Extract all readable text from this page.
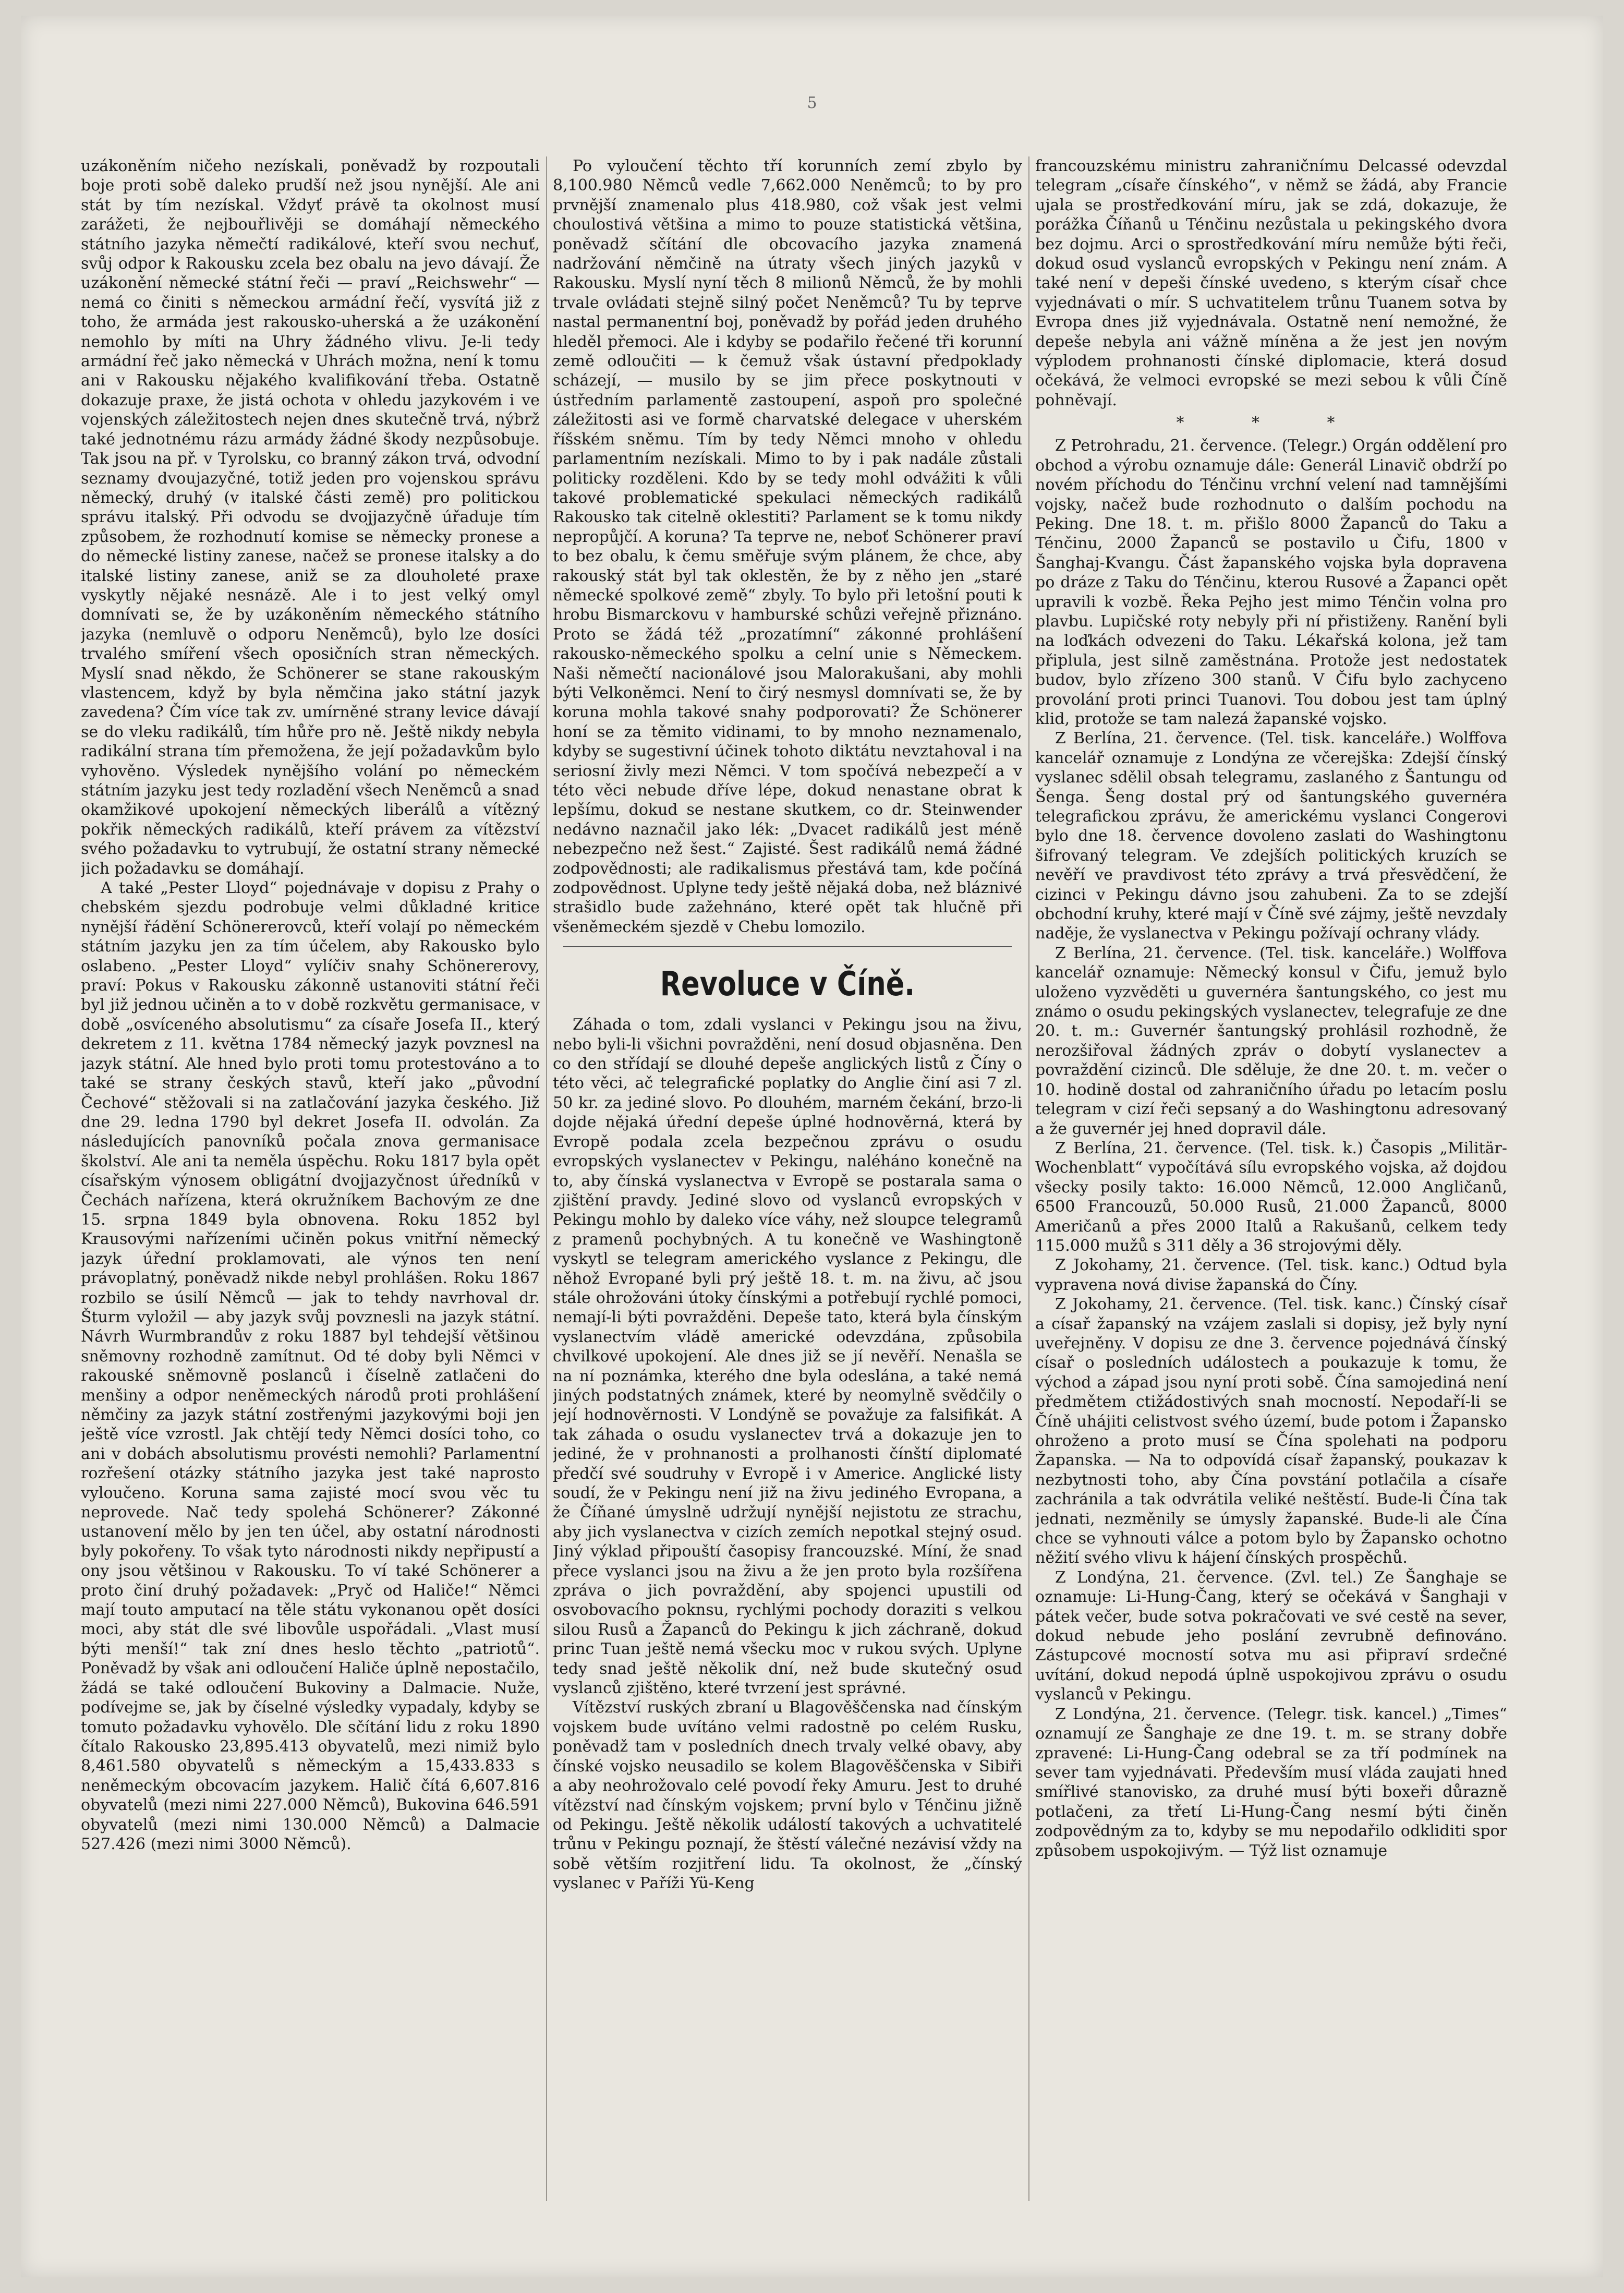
5

uzákoněním ničeho nezískali, poněvadž by rozpoutali boje proti sobě daleko prudší než jsou nynější. Ale ani stát by tím nezískal. Vždyť právě ta okolnost musí zarážeti, že nejbouřlivěji se domáhají německého státního jazyka němečtí radikálové, kteří svou nechuť, svůj odpor k Rakousku zcela bez obalu na jevo dávají. Že uzákonění německé státní řeči — praví „Reichswehr“ — nemá co činiti s německou armádní řečí, vysvítá již z toho, že armáda jest rakousko-uherská a že uzákonění nemohlo by míti na Uhry žádného vlivu. Je-li tedy armádní řeč jako německá v Uhrách možna, není k tomu ani v Rakousku nějakého kvalifikování třeba. Ostatně dokazuje praxe, že jistá ochota v ohledu jazykovém i ve vojenských záležitostech nejen dnes skutečně trvá, nýbrž také jednotnému rázu armády žádné škody nezpůsobuje. Tak jsou na př. v Tyrolsku, co branný zákon trvá, odvodní seznamy dvoujazyčné, totiž jeden pro vojenskou správu německý, druhý (v italské části země) pro politickou správu italský. Při odvodu se dvojjazyčně úřaduje tím způsobem, že rozhodnutí komise se německy pronese a do německé listiny zanese, načež se pronese italsky a do italské listiny zanese, aniž se za dlouholeté praxe vyskytly nějaké nesnázě. Ale i to jest velký omyl domnívati se, že by uzákoněním německého státního jazyka (nemluvě o odporu Neněmců), bylo lze dosíci trvalého smíření všech oposičních stran německých. Myslí snad někdo, že Schönerer se stane rakouským vlastencem, když by byla němčina jako státní jazyk zavedena? Čím více tak zv. umírněné strany levice dávají se do vleku radikálů, tím hůře pro ně. Ještě nikdy nebyla radikální strana tím přemožena, že její požadavkům bylo vyhověno. Výsledek nynějšího volání po německém státním jazyku jest tedy rozladění všech Neněmců a snad okamžikové upokojení německých liberálů a vítězný pokřik německých radikálů, kteří právem za vítězství svého požadavku to vytrubují, že ostatní strany německé jich požadavku se domáhají.

A také „Pester Lloyd“ pojednávaje v dopisu z Prahy o chebském sjezdu podrobuje velmi důkladné kritice nynější řádění Schönererovců, kteří volají po německém státním jazyku jen za tím účelem, aby Rakousko bylo oslabeno. „Pester Lloyd“ vylíčiv snahy Schönererovy, praví: Pokus v Rakousku zákonně ustanoviti státní řeči byl již jednou učiněn a to v době rozkvětu germanisace, v době „osvíceného absolutismu“ za císaře Josefa II., který dekretem z 11. května 1784 německý jazyk povznesl na jazyk státní. Ale hned bylo proti tomu protestováno a to také se strany českých stavů, kteří jako „původní Čechové“ stěžovali si na zatlačování jazyka českého. Již dne 29. ledna 1790 byl dekret Josefa II. odvolán. Za následujících panovníků počala znova germanisace školství. Ale ani ta neměla úspěchu. Roku 1817 byla opět císařským výnosem obligátní dvojjazyčnost úředníků v Čechách nařízena, která okružníkem Bachovým ze dne 15. srpna 1849 byla obnovena. Roku 1852 byl Krausovými nařízeními učiněn pokus vnitřní německý jazyk úřední proklamovati, ale výnos ten není právoplatný, poněvadž nikde nebyl prohlášen. Roku 1867 rozbilo se úsilí Němců — jak to tehdy navrhoval dr. Šturm vyložil — aby jazyk svůj povznesli na jazyk státní. Návrh Wurmbrandův z roku 1887 byl tehdejší většinou sněmovny rozhodně zamítnut. Od té doby byli Němci v rakouské sněmovně poslanců i číselně zatlačeni do menšiny a odpor neněmeckých národů proti prohlášení němčiny za jazyk státní zostřenými jazykovými boji jen ještě více vzrostl. Jak chtějí tedy Němci dosíci toho, co ani v dobách absolutismu provésti nemohli? Parlamentní rozřešení otázky státního jazyka jest také naprosto vyloučeno. Koruna sama zajisté mocí svou věc tu neprovede. Nač tedy spolehá Schönerer? Zákonné ustanovení mělo by jen ten účel, aby ostatní národnosti byly pokořeny. To však tyto národnosti nikdy nepřipustí a ony jsou většinou v Rakousku. To ví také Schönerer a proto činí druhý požadavek: „Pryč od Haliče!“ Němci mají touto amputací na těle státu vykonanou opět dosíci moci, aby stát dle své libovůle uspořádali. „Vlast musí býti menší!“ tak zní dnes heslo těchto „patriotů“. Poněvadž by však ani odloučení Haliče úplně nepostačilo, žádá se také odloučení Bukoviny a Dalmacie. Nuže, podívejme se, jak by číselné výsledky vypadaly, kdyby se tomuto požadavku vyhovělo. Dle sčítání lidu z roku 1890 čítalo Rakousko 23,895.413 obyvatelů, mezi nimiž bylo 8,461.580 obyvatelů s německým a 15,433.833 s neněmeckým obcovacím jazykem. Halič čítá 6,607.816 obyvatelů (mezi nimi 227.000 Němců), Bukovina 646.591 obyvatelů (mezi nimi 130.000 Němců) a Dalmacie 527.426 (mezi nimi 3000 Němců).

Po vyloučení těchto tří korunních zemí zbylo by 8,100.980 Němců vedle 7,662.000 Neněmců; to by pro prvnější znamenalo plus 418.980, což však jest velmi choulostivá většina a mimo to pouze statistická většina, poněvadž sčítání dle obcovacího jazyka znamená nadržování němčině na útraty všech jiných jazyků v Rakousku. Myslí nyní těch 8 milionů Němců, že by mohli trvale ovládati stejně silný počet Neněmců? Tu by teprve nastal permanentní boj, poněvadž by pořád jeden druhého hleděl přemoci. Ale i kdyby se podařilo řečené tři korunní země odloučiti — k čemuž však ústavní předpoklady scházejí, — musilo by se jim přece poskytnouti v ústředním parlamentě zastoupení, aspoň pro společné záležitosti asi ve formě charvatské delegace v uherském říšském sněmu. Tím by tedy Němci mnoho v ohledu parlamentním nezískali. Mimo to by i pak nadále zůstali politicky rozděleni. Kdo by se tedy mohl odvážiti k vůli takové problematické spekulaci německých radikálů Rakousko tak citelně oklestiti? Parlament se k tomu nikdy nepropůjčí. A koruna? Ta teprve ne, neboť Schönerer praví to bez obalu, k čemu směřuje svým plánem, že chce, aby rakouský stát byl tak oklestěn, že by z něho jen „staré německé spolkové země“ zbyly. To bylo při letošní pouti k hrobu Bismarckovu v hamburské schůzi veřejně přiznáno. Proto se žádá též „prozatímní“ zákonné prohlášení rakousko-německého spolku a celní unie s Německem. Naši němečtí nacionálové jsou Malorakušani, aby mohli býti Velkoněmci. Není to čirý nesmysl domnívati se, že by koruna mohla takové snahy podporovati? Že Schönerer honí se za těmito vidinami, to by mnoho neznamenalo, kdyby se sugestivní účinek tohoto diktátu nevztahoval i na seriosní živly mezi Němci. V tom spočívá nebezpečí a v této věci nebude dříve lépe, dokud nenastane obrat k lepšímu, dokud se nestane skutkem, co dr. Steinwender nedávno naznačil jako lék: „Dvacet radikálů jest méně nebezpečno než šest.“ Zajisté. Šest radikálů nemá žádné zodpovědnosti; ale radikalismus přestává tam, kde počíná zodpovědnost. Uplyne tedy ještě nějaká doba, než bláznivé strašidlo bude zažehnáno, které opět tak hlučně při všeněmeckém sjezdě v Chebu lomozilo.

Revoluce v Číně.

Záhada o tom, zdali vyslanci v Pekingu jsou na živu, nebo byli-li všichni povražděni, není dosud objasněna. Den co den střídají se dlouhé depeše anglických listů z Číny o této věci, ač telegrafické poplatky do Anglie činí asi 7 zl. 50 kr. za jediné slovo. Po dlouhém, marném čekání, brzo-li dojde nějaká úřední depeše úplné hodnověrná, která by Evropě podala zcela bezpečnou zprávu o osudu evropských vyslanectev v Pekingu, naléháno konečně na to, aby čínská vyslanectva v Evropě se postarala sama o zjištění pravdy. Jediné slovo od vyslanců evropských v Pekingu mohlo by daleko více váhy, než sloupce telegramů z pramenů pochybných. A tu konečně ve Washingtoně vyskytl se telegram amerického vyslance z Pekingu, dle něhož Evropané byli prý ještě 18. t. m. na živu, ač jsou stále ohrožováni útoky čínskými a potřebují rychlé pomoci, nemají-li býti povražděni. Depeše tato, která byla čínským vyslanectvím vládě americké odevzdána, způsobila chvilkové upokojení. Ale dnes již se jí nevěří. Nenašla se na ní poznámka, kterého dne byla odeslána, a také nemá jiných podstatných známek, které by neomylně svědčily o její hodnověrnosti. V Londýně se považuje za falsifikát. A tak záhada o osudu vyslanectev trvá a dokazuje jen to jediné, že v prohnanosti a prolhanosti čínští diplomaté předčí své soudruhy v Evropě i v Americe. Anglické listy soudí, že v Pekingu není již na živu jediného Evropana, a že Číňané úmyslně udržují nynější nejistotu ze strachu, aby jich vyslanectva v cizích zemích nepotkal stejný osud. Jiný výklad připouští časopisy francouzské. Míní, že snad přece vyslanci jsou na živu a že jen proto byla rozšířena zpráva o jich povraždění, aby spojenci upustili od osvobovacího poknsu, rychlými pochody doraziti s velkou silou Rusů a Žapanců do Pekingu k jich záchraně, dokud princ Tuan ještě nemá všecku moc v rukou svých. Uplyne tedy snad ještě několik dní, než bude skutečný osud vyslanců zjištěno, které tvrzení jest správné.

Vítězství ruských zbraní u Blagověščenska nad čínským vojskem bude uvítáno velmi radostně po celém Rusku, poněvadž tam v posledních dnech trvaly velké obavy, aby čínské vojsko neusadilo se kolem Blagověščenska v Sibiři a aby neohrožovalo celé povodí řeky Amuru. Jest to druhé vítězství nad čínským vojskem; první bylo v Ténčinu jižně od Pekingu. Ještě několik událostí takových a uchvatitelé trůnu v Pekingu poznají, že štěstí válečné nezávisí vždy na sobě větším rozjitření lidu. Ta okolnost, že „čínský vyslanec v Paříži Yü-Keng

francouzskému ministru zahraničnímu Delcassé odevzdal telegram „císaře čínského“, v němž se žádá, aby Francie ujala se prostředkování míru, jak se zdá, dokazuje, že porážka Číňanů u Ténčinu nezůstala u pekingského dvora bez dojmu. Arci o sprostředkování míru nemůže býti řeči, dokud osud vyslanců evropských v Pekingu není znám. A také není v depeši čínské uvedeno, s kterým císař chce vyjednávati o mír. S uchvatitelem trůnu Tuanem sotva by Evropa dnes již vyjednávala. Ostatně není nemožné, že depeše nebyla ani vážně míněna a že jest jen novým výplodem prohnanosti čínské diplomacie, která dosud očekává, že velmoci evropské se mezi sebou k vůli Číně pohněvají.

* * *

Z Petrohradu, 21. července. (Telegr.) Orgán oddělení pro obchod a výrobu oznamuje dále: Generál Linavič obdrží po novém příchodu do Ténčinu vrchní velení nad tamnějšími vojsky, načež bude rozhodnuto o dalším pochodu na Peking. Dne 18. t. m. přišlo 8000 Žapanců do Taku a Ténčinu, 2000 Žapanců se postavilo u Čifu, 1800 v Šanghaj-Kvangu. Část žapanského vojska byla dopravena po dráze z Taku do Ténčinu, kterou Rusové a Žapanci opět upravili k vozbě. Řeka Pejho jest mimo Ténčin volna pro plavbu. Lupičské roty nebyly při ní přistiženy. Ranění byli na loďkách odvezeni do Taku. Lékařská kolona, jež tam připlula, jest silně zaměstnána. Protože jest nedostatek budov, bylo zřízeno 300 stanů. V Čifu bylo zachyceno provolání proti princi Tuanovi. Tou dobou jest tam úplný klid, protože se tam nalezá žapanské vojsko.

Z Berlína, 21. července. (Tel. tisk. kanceláře.) Wolffova kancelář oznamuje z Londýna ze včerejška: Zdejší čínský vyslanec sdělil obsah telegramu, zaslaného z Šantungu od Šenga. Šeng dostal prý od šantungského guvernéra telegrafickou zprávu, že americkému vyslanci Congerovi bylo dne 18. července dovoleno zaslati do Washingtonu šifrovaný telegram. Ve zdejších politických kruzích se nevěří ve pravdivost této zprávy a trvá přesvědčení, že cizinci v Pekingu dávno jsou zahubeni. Za to se zdejší obchodní kruhy, které mají v Číně své zájmy, ještě nevzdaly naděje, že vyslanectva v Pekingu požívají ochrany vlády.

Z Berlína, 21. července. (Tel. tisk. kanceláře.) Wolffova kancelář oznamuje: Německý konsul v Čifu, jemuž bylo uloženo vyzvěděti u guvernéra šantungského, co jest mu známo o osudu pekingských vyslanectev, telegrafuje ze dne 20. t. m.: Guvernér šantungský prohlásil rozhodně, že nerozšiřoval žádných zpráv o dobytí vyslanectev a povraždění cizinců. Dle sděluje, že dne 20. t. m. večer o 10. hodině dostal od zahraničního úřadu po letacím poslu telegram v cizí řeči sepsaný a do Washingtonu adresovaný a že guvernér jej hned dopravil dále.

Z Berlína, 21. července. (Tel. tisk. k.) Časopis „Militär-Wochenblatt“ vypočítává sílu evropského vojska, až dojdou všecky posily takto: 16.000 Němců, 12.000 Angličanů, 6500 Francouzů, 50.000 Rusů, 21.000 Žapanců, 8000 Američanů a přes 2000 Italů a Rakušanů, celkem tedy 115.000 mužů s 311 děly a 36 strojovými děly.

Z Jokohamy, 21. července. (Tel. tisk. kanc.) Odtud byla vypravena nová divise žapanská do Číny.

Z Jokohamy, 21. července. (Tel. tisk. kanc.) Čínský císař a císař žapanský na vzájem zaslali si dopisy, jež byly nyní uveřejněny. V dopisu ze dne 3. července pojednává čínský císař o posledních událostech a poukazuje k tomu, že východ a západ jsou nyní proti sobě. Čína samojediná není předmětem ctižádostivých snah mocností. Nepodaří-li se Číně uhájiti celistvost svého území, bude potom i Žapansko ohroženo a proto musí se Čína spolehati na podporu Žapanska. — Na to odpovídá císař žapanský, poukazav k nezbytnosti toho, aby Čína povstání potlačila a císaře zachránila a tak odvrátila veliké neštěstí. Bude-li Čína tak jednati, nezměnily se úmysly žapanské. Bude-li ale Čína chce se vyhnouti válce a potom bylo by Žapansko ochotno něžití svého vlivu k hájení čínských prospěchů.

Z Londýna, 21. července. (Zvl. tel.) Ze Šanghaje se oznamuje: Li-Hung-Čang, který se očekává v Šanghaji v pátek večer, bude sotva pokračovati ve své cestě na sever, dokud nebude jeho poslání zevrubně definováno. Zástupcové mocností sotva mu asi připraví srdečné uvítání, dokud nepodá úplně uspokojivou zprávu o osudu vyslanců v Pekingu.

Z Londýna, 21. července. (Telegr. tisk. kancel.) „Times“ oznamují ze Šanghaje ze dne 19. t. m. se strany dobře zpravené: Li-Hung-Čang odebral se za tří podmínek na sever tam vyjednávati. Především musí vláda zaujati hned smířlivé stanovisko, za druhé musí býti boxeři důrazně potlačeni, za třetí Li-Hung-Čang nesmí býti činěn zodpovědným za to, kdyby se mu nepodařilo odkliditi spor způsobem uspokojivým. — Týž list oznamuje
